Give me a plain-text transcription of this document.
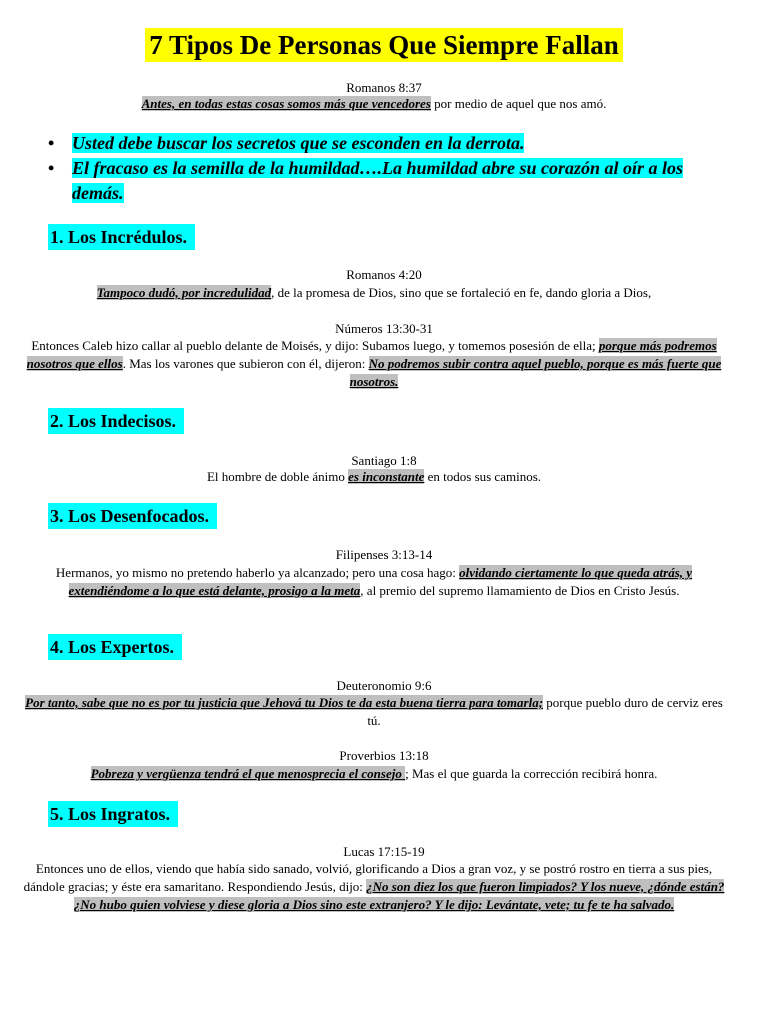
7 Tipos De Personas Que Siempre Fallan
Romanos 8:37
Antes, en todas estas cosas somos más que vencedores por medio de aquel que nos amó.
• Usted debe buscar los secretos que se esconden en la derrota.
• El fracaso es la semilla de la humildad….La humildad abre su corazón al oír a los demás.
1. Los Incrédulos.
Romanos 4:20
Tampoco dudó, por incredulidad, de la promesa de Dios, sino que se fortaleció en fe, dando gloria a Dios,
Números 13:30-31
Entonces Caleb hizo callar al pueblo delante de Moisés, y dijo: Subamos luego, y tomemos posesión de ella; porque más podremos nosotros que ellos. Mas los varones que subieron con él, dijeron: No podremos subir contra aquel pueblo, porque es más fuerte que nosotros.
2. Los Indecisos.
Santiago 1:8
El hombre de doble ánimo es inconstante en todos sus caminos.
3. Los Desenfocados.
Filipenses 3:13-14
Hermanos, yo mismo no pretendo haberlo ya alcanzado; pero una cosa hago: olvidando ciertamente lo que queda atrás, y extendiéndome a lo que está delante, prosigo a la meta, al premio del supremo llamamiento de Dios en Cristo Jesús.
4. Los Expertos.
Deuteronomio 9:6
Por tanto, sabe que no es por tu justicia que Jehová tu Dios te da esta buena tierra para tomarla; porque pueblo duro de cerviz eres tú.
Proverbios 13:18
Pobreza y vergüenza tendrá el que menosprecia el consejo ; Mas el que guarda la corrección recibirá honra.
5. Los Ingratos.
Lucas 17:15-19
Entonces uno de ellos, viendo que había sido sanado, volvió, glorificando a Dios a gran voz, y se postró rostro en tierra a sus pies, dándole gracias; y éste era samaritano. Respondiendo Jesús, dijo: ¿No son diez los que fueron limpiados? Y los nueve, ¿dónde están? ¿No hubo quien volviese y diese gloria a Dios sino este extranjero? Y le dijo: Levántate, vete; tu fe te ha salvado.
